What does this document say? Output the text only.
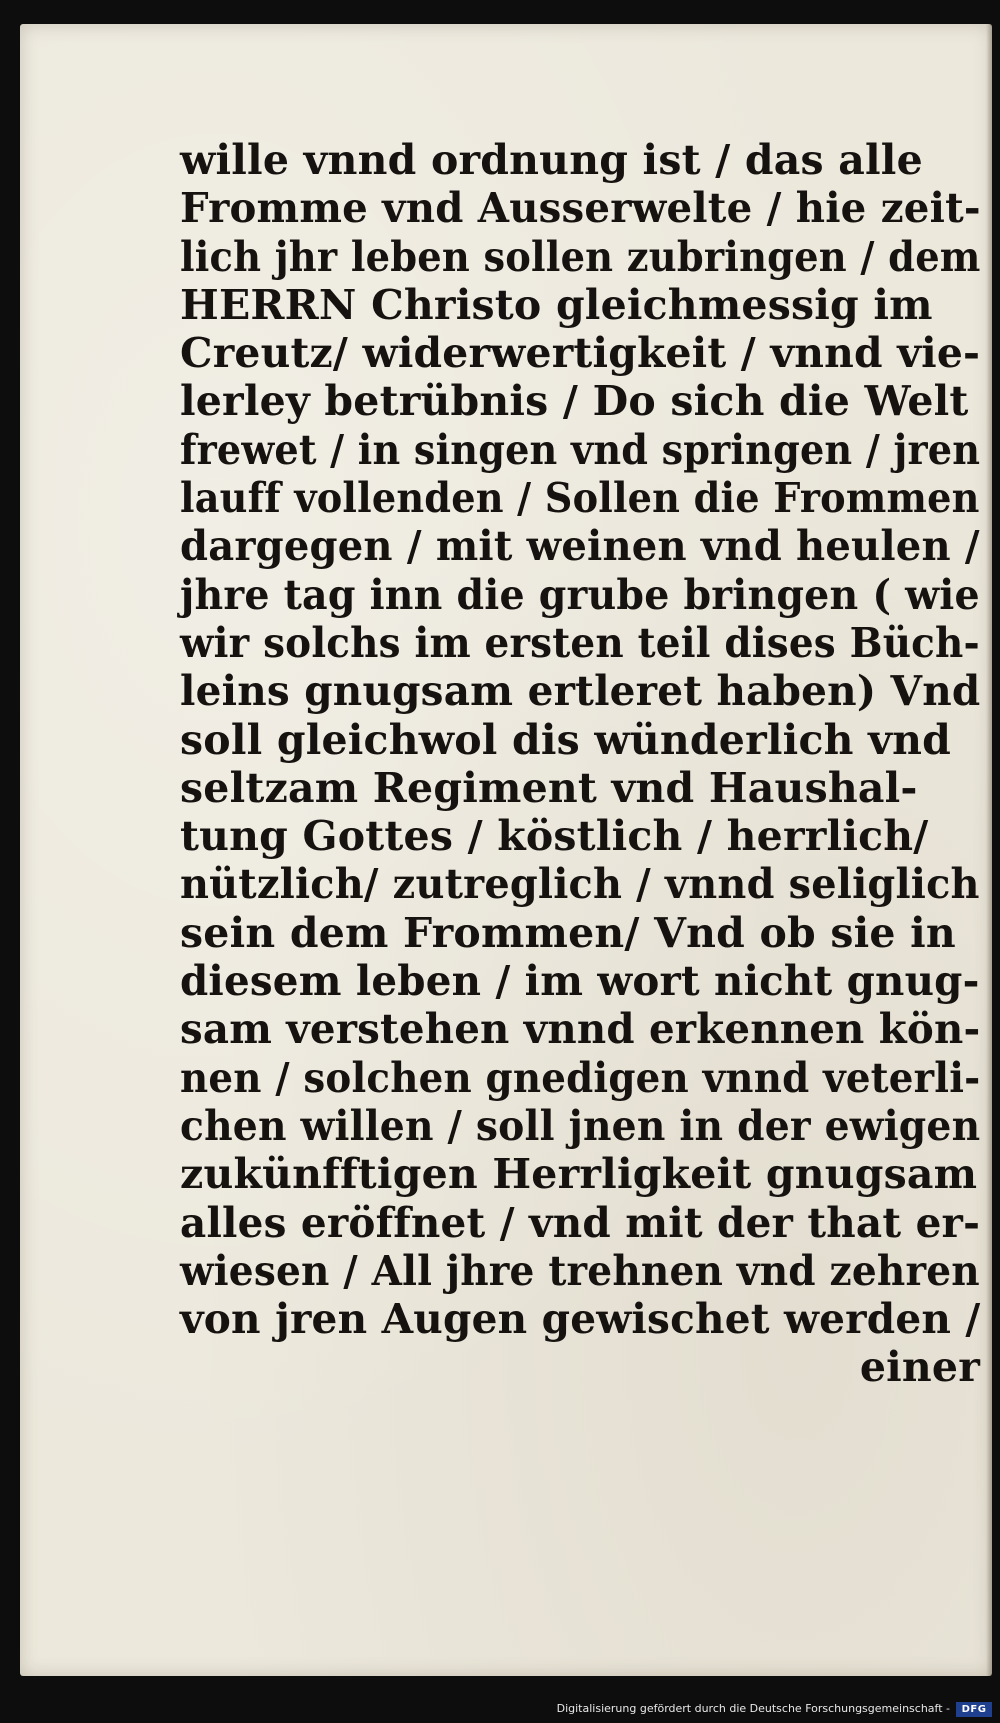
wille vnnd ordnung ist / das alle
Fromme vnd Ausserwelte / hie zeit-
lich jhr leben sollen zubringen / dem
HERRN Christo gleichmessig im
Creutz/ widerwertigkeit / vnnd vie-
lerley betrübnis / Do sich die Welt
frewet / in singen vnd springen / jren
lauff vollenden / Sollen die Frommen
dargegen / mit weinen vnd heulen /
jhre tag inn die grube bringen ( wie
wir solchs im ersten teil dises Büch-
leins gnugsam ertleret haben) Vnd
soll gleichwol dis wünderlich vnd
seltzam Regiment vnd Haushal-
tung Gottes / köstlich / herrlich/
nützlich/ zutreglich / vnnd seliglich
sein dem Frommen/ Vnd ob sie in
diesem leben / im wort nicht gnug-
sam verstehen vnnd erkennen kön-
nen / solchen gnedigen vnnd veterli-
chen willen / soll jnen in der ewigen
zukünfftigen Herrligkeit gnugsam
alles eröffnet / vnd mit der that er-
wiesen / All jhre trehnen vnd zehren
von jren Augen gewischet werden /
einer
Digitalisierung gefördert durch die Deutsche Forschungsgemeinschaft -	DFG
